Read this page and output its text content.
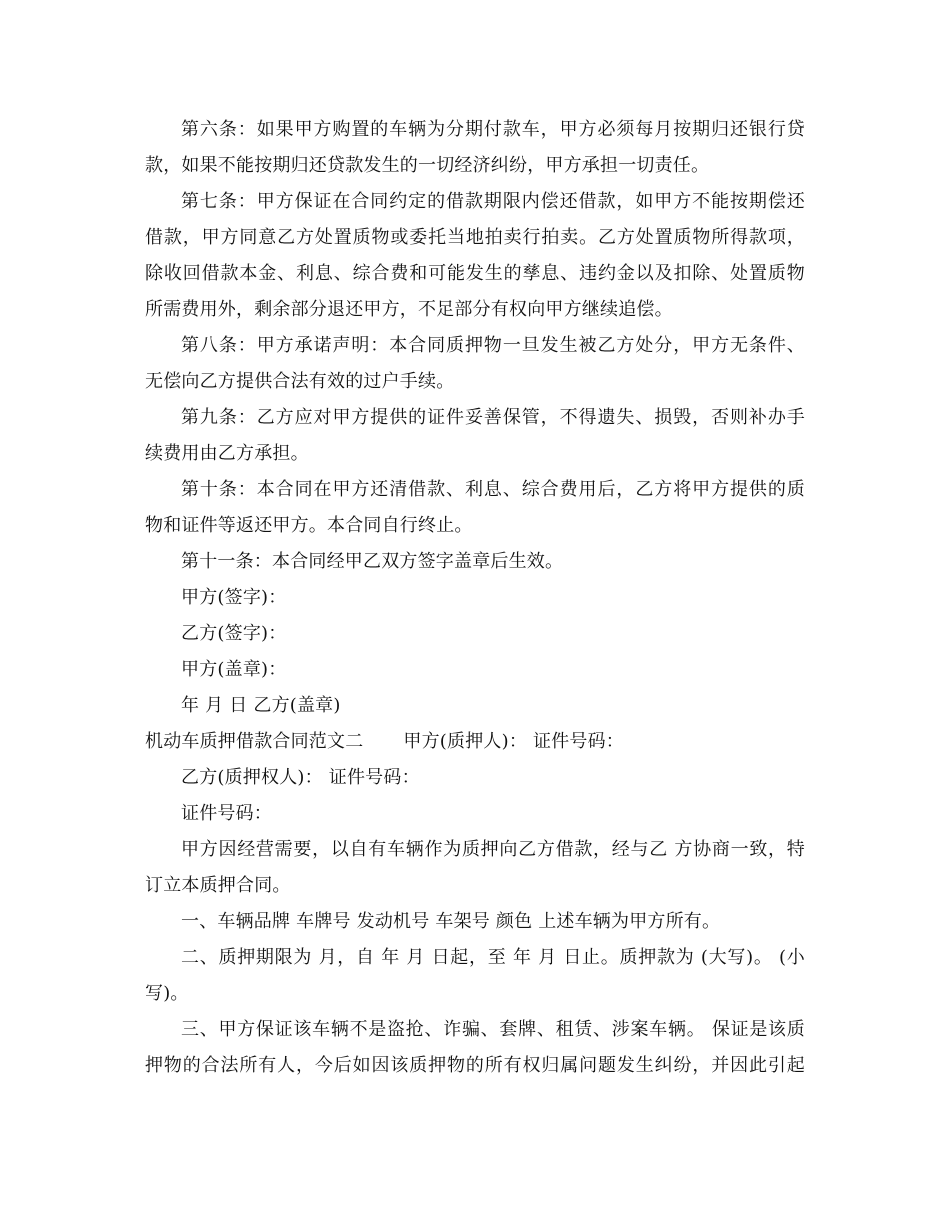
第六条：如果甲方购置的车辆为分期付款车，甲方必须每月按期归还银行贷
款，如果不能按期归还贷款发生的一切经济纠纷，甲方承担一切责任。
第七条：甲方保证在合同约定的借款期限内偿还借款，如甲方不能按期偿还
借款，甲方同意乙方处置质物或委托当地拍卖行拍卖。乙方处置质物所得款项，
除收回借款本金、利息、综合费和可能发生的孳息、违约金以及扣除、处置质物
所需费用外，剩余部分退还甲方，不足部分有权向甲方继续追偿。
第八条：甲方承诺声明：本合同质押物一旦发生被乙方处分，甲方无条件、
无偿向乙方提供合法有效的过户手续。
第九条：乙方应对甲方提供的证件妥善保管，不得遗失、损毁，否则补办手
续费用由乙方承担。
第十条：本合同在甲方还清借款、利息、综合费用后，乙方将甲方提供的质
物和证件等返还甲方。本合同自行终止。
第十一条：本合同经甲乙双方签字盖章后生效。
甲方(签字)：
乙方(签字)：
甲方(盖章)：
年 月 日 乙方(盖章)
机动车质押借款合同范文二 甲方(质押人)： 证件号码：
乙方(质押权人)： 证件号码：
证件号码：
甲方因经营需要，以自有车辆作为质押向乙方借款，经与乙 方协商一致，特
订立本质押合同。
一、车辆品牌 车牌号 发动机号 车架号 颜色 上述车辆为甲方所有。
二、质押期限为 月，自 年 月 日起，至 年 月 日止。质押款为 (大写)。 (小
写)。
三、甲方保证该车辆不是盗抢、诈骗、套牌、租赁、涉案车辆。 保证是该质
押物的合法所有人，今后如因该质押物的所有权归属问题发生纠纷，并因此引起
